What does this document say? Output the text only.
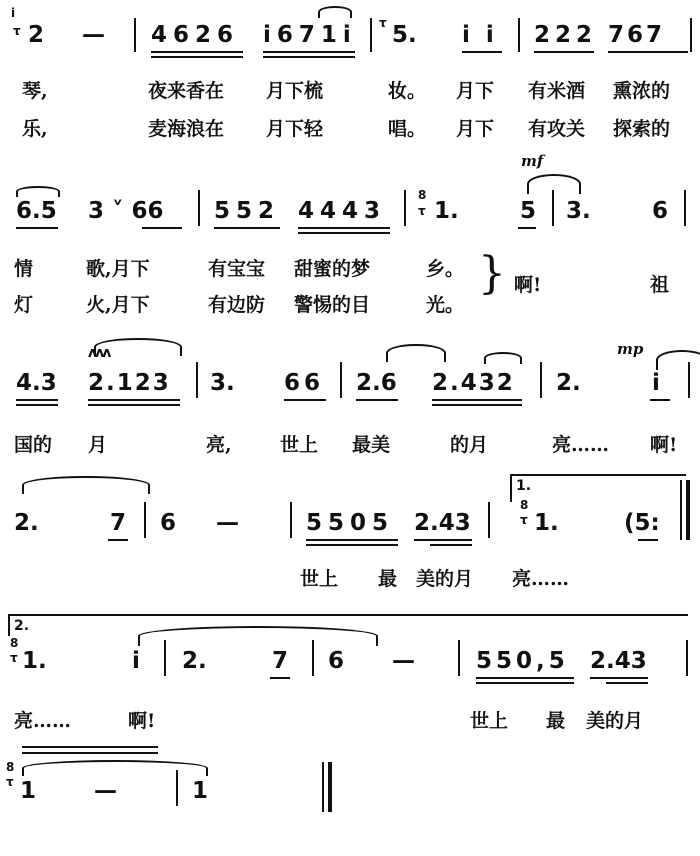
i
τ 2 — 4626 i671i τ 5. i i 222 767
琴,	夜来香在 月下梳	妆。 月下 有米酒 熏浓的
乐,	麦海浪在 月下轻	唱。 月下 有攻关 探索的
mf
6.5 3 ˅ 66 552 4443
8
τ 1.	5 3.	6
情	歌,月下	有宝宝 甜蜜的梦	乡。
灯	火,月下	有边防 警惕的目	光。
} 啊!	祖
mp
ʌʌʌ
4.3 2.123 3. 66 2.6 2.432 2.	i
国的 月	亮,	世上 最美	的月	亮…… 啊!
2.	7 6 —	5505 2.43
1.
8
τ 1.	(5:
世上 最 美的月 亮……
2.
8
τ 1.	i 2.	7 6 —	550,5 2.43
亮……	啊!	世上 最 美的月
8
τ 1	—	1
